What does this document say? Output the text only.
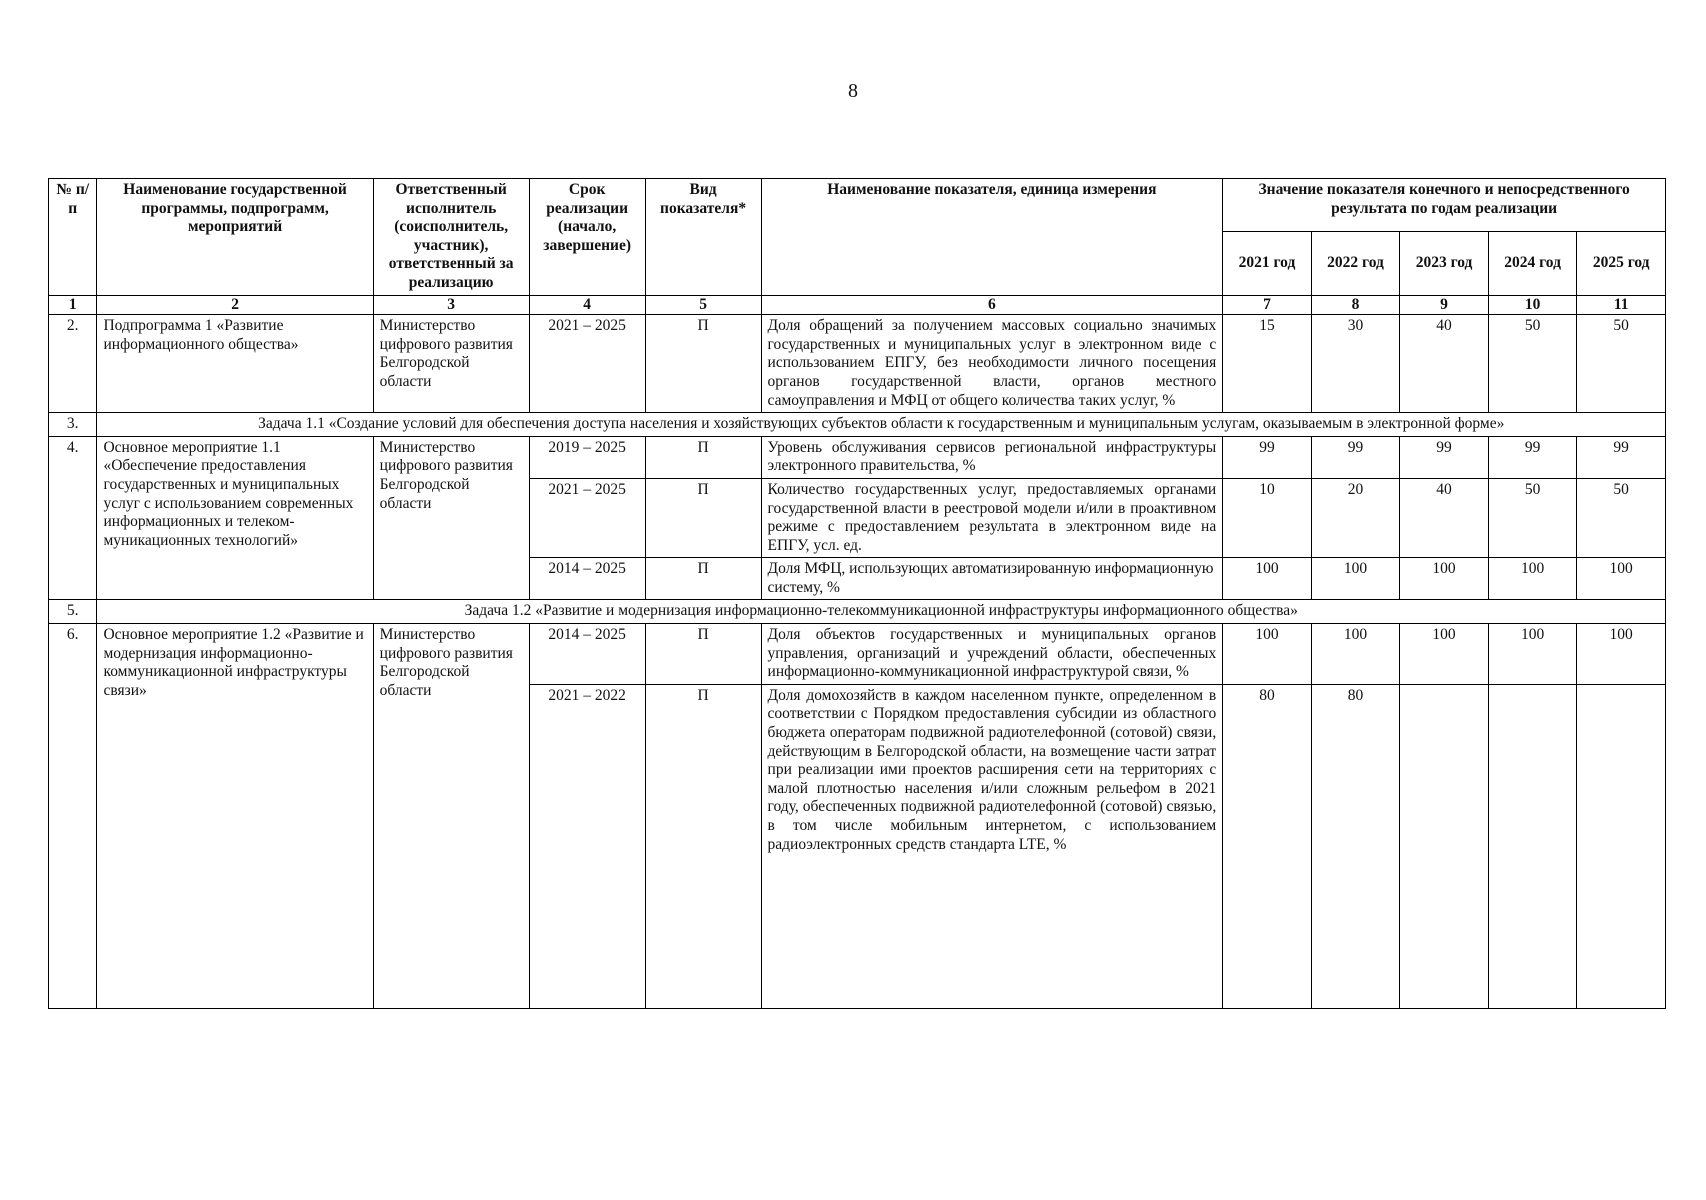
8
№ п/п	Наименование государственной программы, подпрограмм, мероприятий	Ответственный исполнитель (соисполнитель, участник), ответственный за реализацию	Срок реализации (начало, завершение)	Вид показателя*	Наименование показателя, единица измерения	Значение показателя конечного и непосредственного результата по годам реализации				
						2021 год	2022 год	2023 год	2024 год	2025 год
1	2	3	4	5	6	7	8	9	10	11
2.	Подпрограмма 1 «Развитие информационного общества»	Министерство цифрового развития Белгородской области	2021 – 2025	П	Доля обращений за получением массовых социально значимых государственных и муниципальных услуг в электронном виде с использованием ЕПГУ, без необходимости личного посещения органов государственной власти, органов местного самоуправления и МФЦ от общего количества таких услуг, %	15	30	40	50	50
3.	Задача 1.1 «Создание условий для обеспечения доступа населения и хозяйствующих субъектов области к государственным и муниципальным услугам, оказываемым в электронной форме»									
4.	Основное мероприятие 1.1 «Обеспечение предоставления государственных и муниципальных услуг с использованием современных информационных и телеком-муникационных технологий»	Министерство цифрового развития Белгородской области	2019 – 2025	П	Уровень обслуживания сервисов региональной инфраструктуры электронного правительства, %	99	99	99	99	99
			2021 – 2025	П	Количество государственных услуг, предоставляемых органами государственной власти в реестровой модели и/или в проактивном режиме с предоставлением результата в электронном виде на ЕПГУ, усл. ед.	10	20	40	50	50
			2014 – 2025	П	Доля МФЦ, использующих автоматизированную информационную систему, %	100	100	100	100	100
5.	Задача 1.2 «Развитие и модернизация информационно-телекоммуникационной инфраструктуры информационного общества»									
6.	Основное мероприятие 1.2 «Развитие и модернизация информационно-коммуникационной инфраструктуры связи»	Министерство цифрового развития Белгородской области	2014 – 2025	П	Доля объектов государственных и муниципальных органов управления, организаций и учреждений области, обеспеченных информационно-коммуникационной инфраструктурой связи, %	100	100	100	100	100
			2021 – 2022	П	Доля домохозяйств в каждом населенном пункте, определенном в соответствии с Порядком предоставления субсидии из областного бюджета операторам подвижной радиотелефонной (сотовой) связи, действующим в Белгородской области, на возмещение части затрат при реализации ими проектов расширения сети на территориях с малой плотностью населения и/или сложным рельефом в 2021 году, обеспеченных подвижной радиотелефонной (сотовой) связью, в том числе мобильным интернетом, с использованием радиоэлектронных средств стандарта LTE, %	80	80			
